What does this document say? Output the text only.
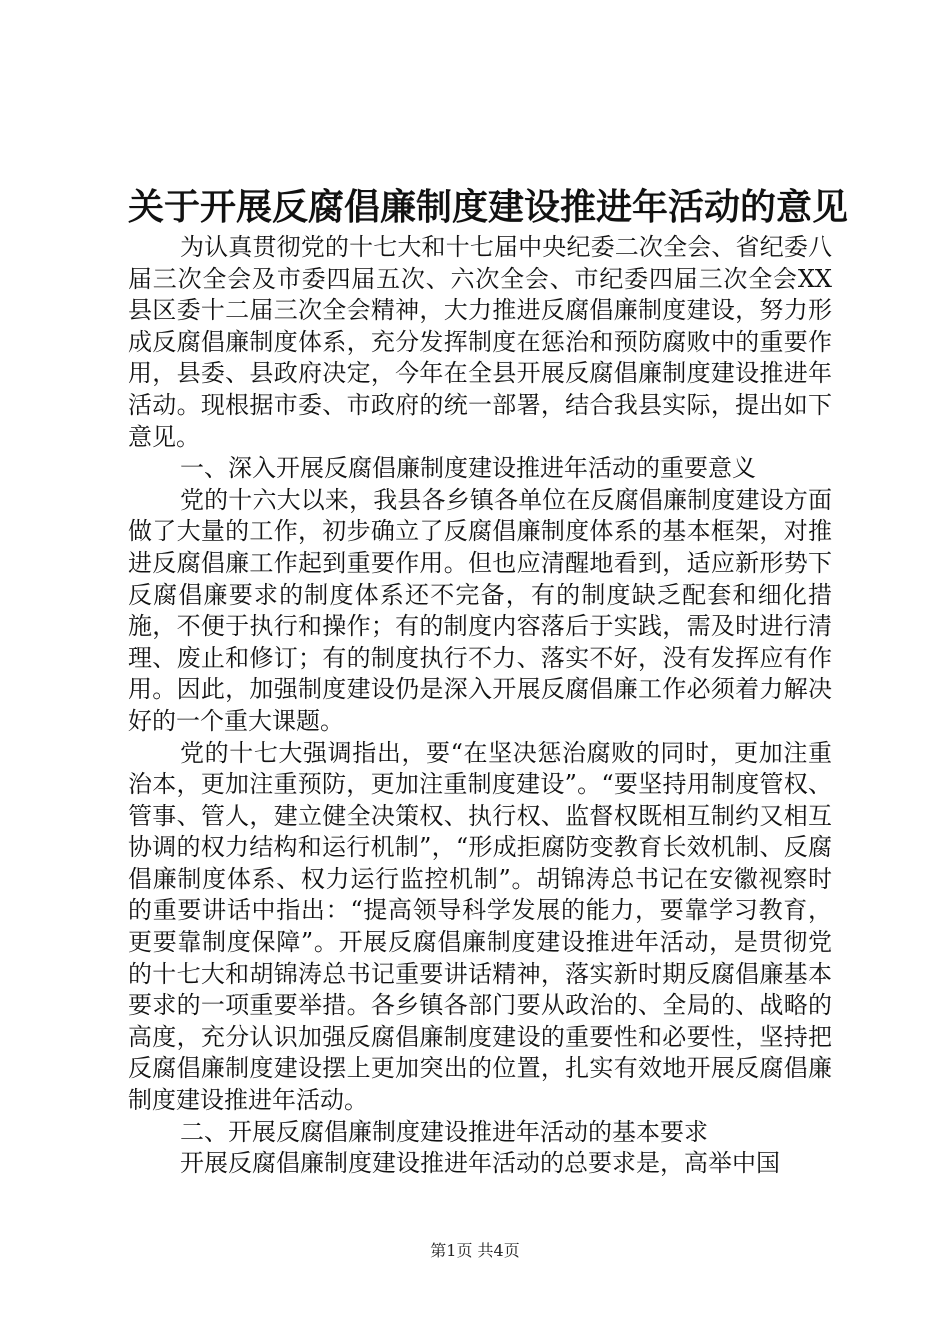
关于开展反腐倡廉制度建设推进年活动的意见

为认真贯彻党的十七大和十七届中央纪委二次全会、省纪委八届三次全会及市委四届五次、六次全会、市纪委四届三次全会XX县区委十二届三次全会精神，大力推进反腐倡廉制度建设，努力形成反腐倡廉制度体系，充分发挥制度在惩治和预防腐败中的重要作用，县委、县政府决定，今年在全县开展反腐倡廉制度建设推进年活动。现根据市委、市政府的统一部署，结合我县实际，提出如下意见。

一、深入开展反腐倡廉制度建设推进年活动的重要意义

党的十六大以来，我县各乡镇各单位在反腐倡廉制度建设方面做了大量的工作，初步确立了反腐倡廉制度体系的基本框架，对推进反腐倡廉工作起到重要作用。但也应清醒地看到，适应新形势下反腐倡廉要求的制度体系还不完备，有的制度缺乏配套和细化措施，不便于执行和操作；有的制度内容落后于实践，需及时进行清理、废止和修订；有的制度执行不力、落实不好，没有发挥应有作用。因此，加强制度建设仍是深入开展反腐倡廉工作必须着力解决好的一个重大课题。

党的十七大强调指出，要“在坚决惩治腐败的同时，更加注重治本，更加注重预防，更加注重制度建设”。“要坚持用制度管权、管事、管人，建立健全决策权、执行权、监督权既相互制约又相互协调的权力结构和运行机制”，“形成拒腐防变教育长效机制、反腐倡廉制度体系、权力运行监控机制”。胡锦涛总书记在安徽视察时的重要讲话中指出：“提高领导科学发展的能力，要靠学习教育，更要靠制度保障”。开展反腐倡廉制度建设推进年活动，是贯彻党的十七大和胡锦涛总书记重要讲话精神，落实新时期反腐倡廉基本要求的一项重要举措。各乡镇各部门要从政治的、全局的、战略的高度，充分认识加强反腐倡廉制度建设的重要性和必要性，坚持把反腐倡廉制度建设摆上更加突出的位置，扎实有效地开展反腐倡廉制度建设推进年活动。

二、开展反腐倡廉制度建设推进年活动的基本要求

开展反腐倡廉制度建设推进年活动的总要求是，高举中国

第1页 共4页
